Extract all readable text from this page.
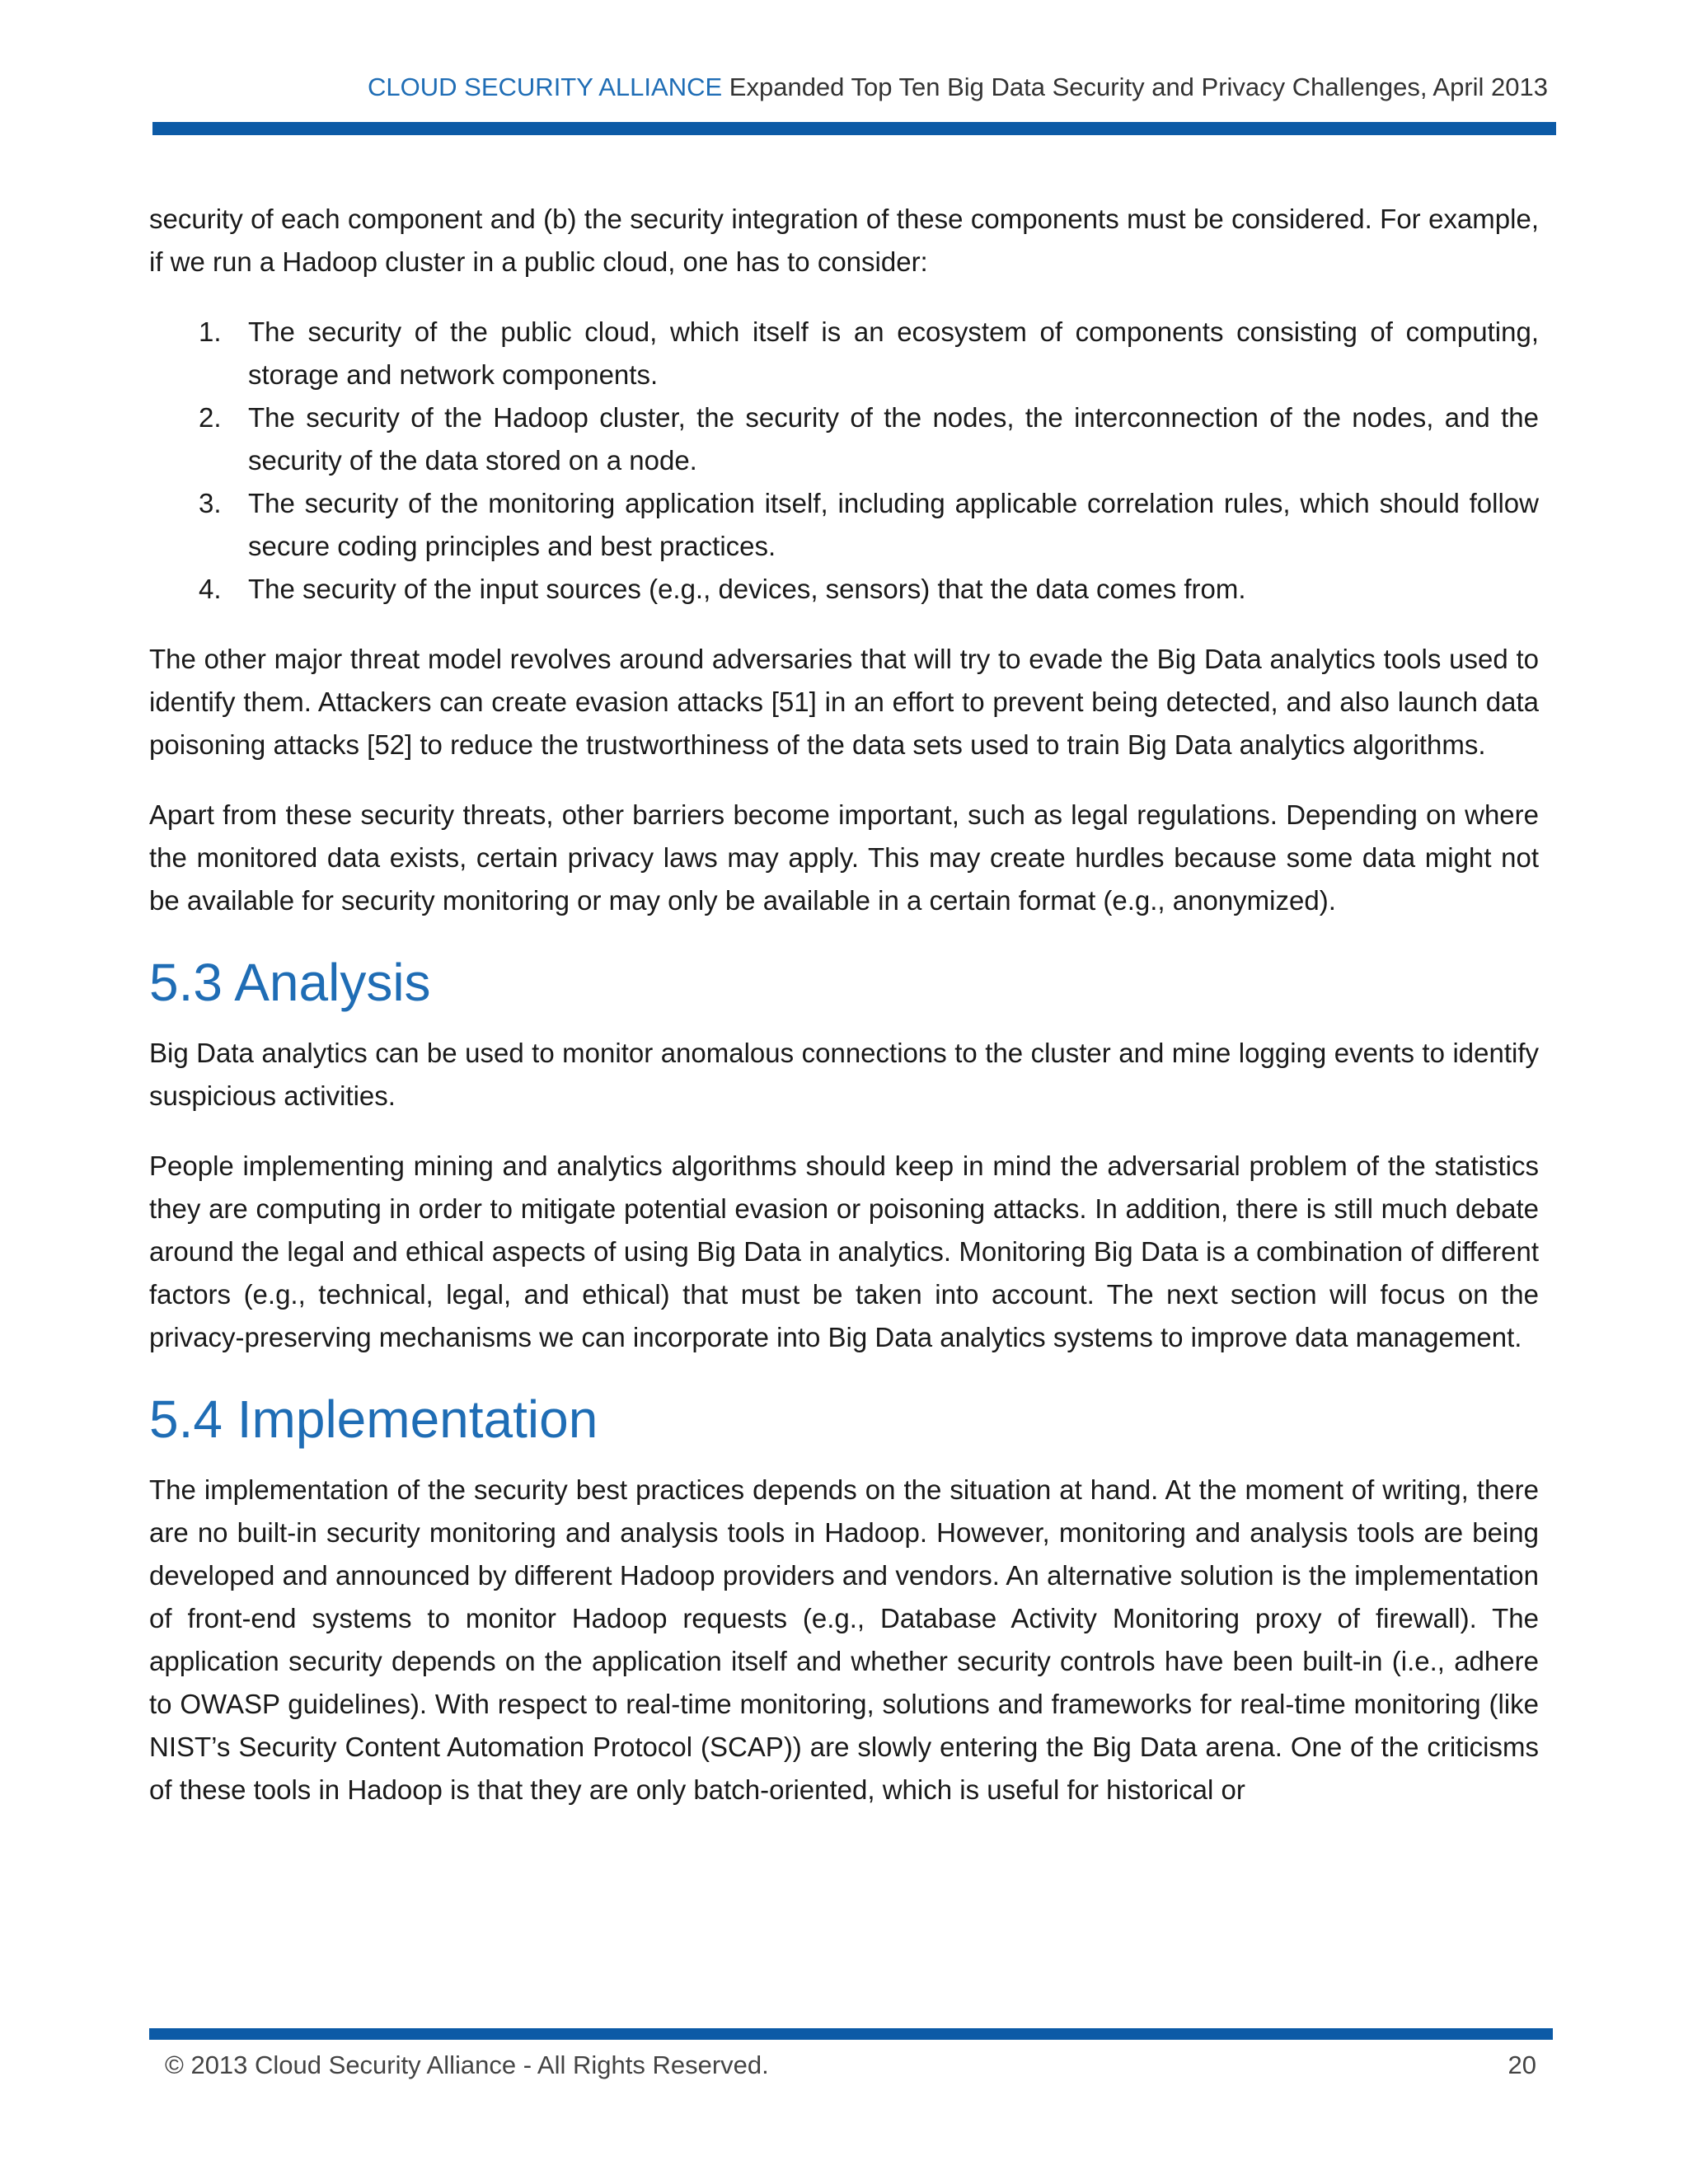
CLOUD SECURITY ALLIANCE Expanded Top Ten Big Data Security and Privacy Challenges, April 2013

security of each component and (b) the security integration of these components must be considered. For example, if we run a Hadoop cluster in a public cloud, one has to consider:

1. The security of the public cloud, which itself is an ecosystem of components consisting of computing, storage and network components.
2. The security of the Hadoop cluster, the security of the nodes, the interconnection of the nodes, and the security of the data stored on a node.
3. The security of the monitoring application itself, including applicable correlation rules, which should follow secure coding principles and best practices.
4. The security of the input sources (e.g., devices, sensors) that the data comes from.

The other major threat model revolves around adversaries that will try to evade the Big Data analytics tools used to identify them. Attackers can create evasion attacks [51] in an effort to prevent being detected, and also launch data poisoning attacks [52] to reduce the trustworthiness of the data sets used to train Big Data analytics algorithms.

Apart from these security threats, other barriers become important, such as legal regulations. Depending on where the monitored data exists, certain privacy laws may apply. This may create hurdles because some data might not be available for security monitoring or may only be available in a certain format (e.g., anonymized).

5.3 Analysis

Big Data analytics can be used to monitor anomalous connections to the cluster and mine logging events to identify suspicious activities.

People implementing mining and analytics algorithms should keep in mind the adversarial problem of the statistics they are computing in order to mitigate potential evasion or poisoning attacks. In addition, there is still much debate around the legal and ethical aspects of using Big Data in analytics. Monitoring Big Data is a combination of different factors (e.g., technical, legal, and ethical) that must be taken into account. The next section will focus on the privacy-preserving mechanisms we can incorporate into Big Data analytics systems to improve data management.

5.4 Implementation

The implementation of the security best practices depends on the situation at hand. At the moment of writing, there are no built-in security monitoring and analysis tools in Hadoop. However, monitoring and analysis tools are being developed and announced by different Hadoop providers and vendors. An alternative solution is the implementation of front-end systems to monitor Hadoop requests (e.g., Database Activity Monitoring proxy of firewall). The application security depends on the application itself and whether security controls have been built-in (i.e., adhere to OWASP guidelines). With respect to real-time monitoring, solutions and frameworks for real-time monitoring (like NIST’s Security Content Automation Protocol (SCAP)) are slowly entering the Big Data arena. One of the criticisms of these tools in Hadoop is that they are only batch-oriented, which is useful for historical or

© 2013 Cloud Security Alliance - All Rights Reserved.	20
